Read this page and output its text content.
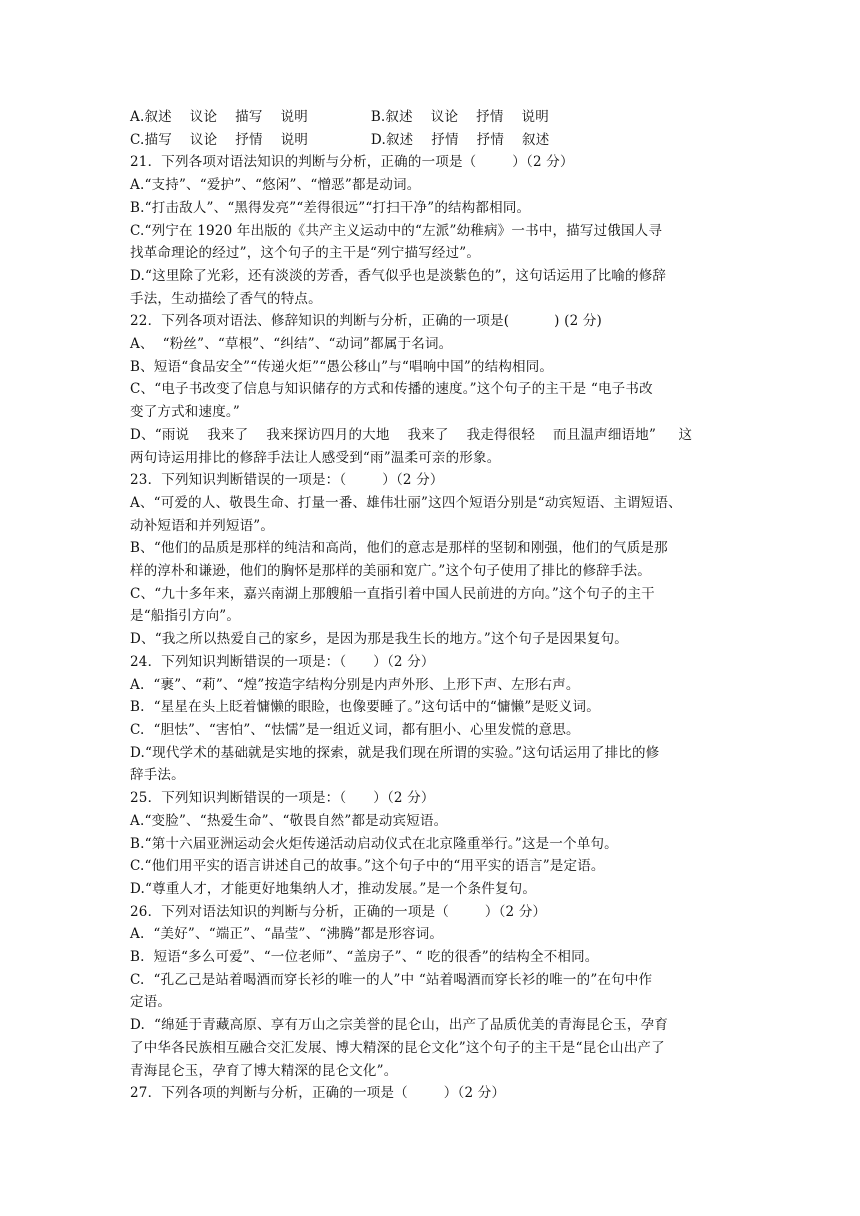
A.叙述    议论    描写    说明              B.叙述    议论    抒情    说明
C.描写    议论    抒情    说明              D.叙述    抒情    抒情    叙述
21．下列各项对语法知识的判断与分析，正确的一项是（        ）（2 分）
A.“支持”、“爱护”、“悠闲”、“憎恶”都是动词。
B.“打击敌人”、“黑得发亮”“差得很远”“打扫干净”的结构都相同。
C.“列宁在 1920 年出版的《共产主义运动中的“左派”幼稚病》一书中，描写过俄国人寻
找革命理论的经过”，这个句子的主干是“列宁描写经过”。
D.“这里除了光彩，还有淡淡的芳香，香气似乎也是淡紫色的”，这句话运用了比喻的修辞
手法，生动描绘了香气的特点。
22．下列各项对语法、修辞知识的判断与分析，正确的一项是(          ) (2 分)
A、  “粉丝”、“草根”、“纠结”、“动词”都属于名词。
B、短语“食品安全”“传递火炬”“愚公移山”与“唱响中国”的结构相同。
C、“电子书改变了信息与知识储存的方式和传播的速度。”这个句子的主干是 “电子书改
变了方式和速度。”
D、“雨说    我来了    我来探访四月的大地    我来了    我走得很轻    而且温声细语地”     这
两句诗运用排比的修辞手法让人感受到“雨”温柔可亲的形象。
23．下列知识判断错误的一项是：（        ）（2 分）
A、“可爱的人、敬畏生命、打量一番、雄伟壮丽”这四个短语分别是“动宾短语、主谓短语、
动补短语和并列短语”。
B、“他们的品质是那样的纯洁和高尚，他们的意志是那样的坚韧和刚强，他们的气质是那
样的淳朴和谦逊，他们的胸怀是那样的美丽和宽广。”这个句子使用了排比的修辞手法。
C、“九十多年来，嘉兴南湖上那艘船一直指引着中国人民前进的方向。”这个句子的主干
是“船指引方向”。
D、“我之所以热爱自己的家乡，是因为那是我生长的地方。”这个句子是因果复句。
24．下列知识判断错误的一项是：（      ）（2 分）
A.  “裹”、“莉”、“煌”按造字结构分别是内声外形、上形下声、左形右声。
B.  “星星在头上眨着慵懒的眼睑，也像要睡了。”这句话中的“慵懒”是贬义词。
C.  “胆怯”、“害怕”、“怯懦”是一组近义词，都有胆小、心里发慌的意思。
D.“现代学术的基础就是实地的探索，就是我们现在所谓的实验。”这句话运用了排比的修
辞手法。
25．下列知识判断错误的一项是：（      ）（2 分）
A.“变脸”、“热爱生命”、“敬畏自然”都是动宾短语。
B.“第十六届亚洲运动会火炬传递活动启动仪式在北京隆重举行。”这是一个单句。
C.“他们用平实的语言讲述自己的故事。”这个句子中的“用平实的语言”是定语。
D.“尊重人才，才能更好地集纳人才，推动发展。”是一个条件复句。
26．下列对语法知识的判断与分析，正确的一项是（        ）（2 分）
A.  “美好”、“端正”、“晶莹”、“沸腾”都是形容词。
B.  短语“多么可爱”、“一位老师”、“盖房子”、“ 吃的很香”的结构全不相同。
C.  “孔乙己是站着喝酒而穿长衫的唯一的人”中 “站着喝酒而穿长衫的唯一的”在句中作
定语。
D.  “绵延于青藏高原、享有万山之宗美誉的昆仑山，出产了品质优美的青海昆仑玉，孕育
了中华各民族相互融合交汇发展、博大精深的昆仑文化”这个句子的主干是“昆仑山出产了
青海昆仑玉，孕育了博大精深的昆仑文化”。
27．下列各项的判断与分析，正确的一项是（        ）（2 分）
